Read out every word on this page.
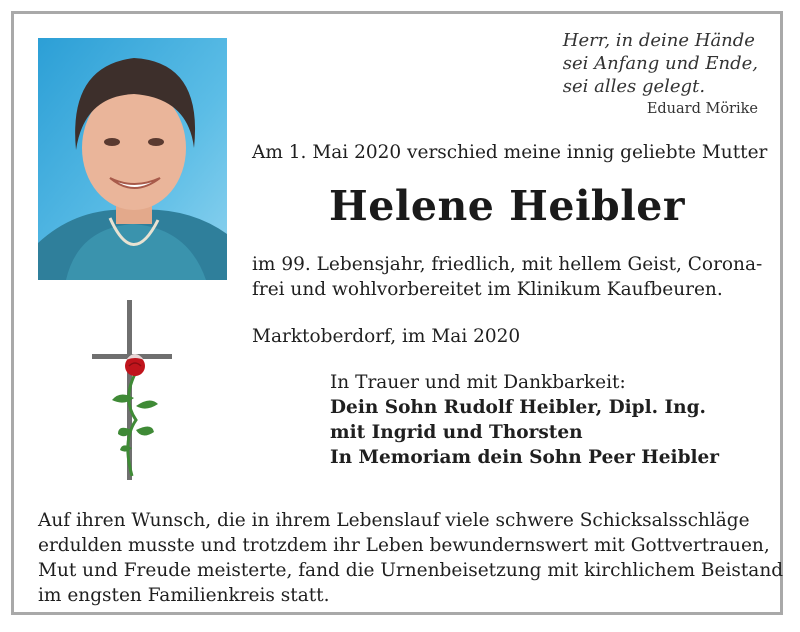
Herr, in deine Hände
sei Anfang und Ende,
sei alles gelegt.
Eduard Mörike
Am 1. Mai 2020 verschied meine innig geliebte Mutter
Helene Heibler
im 99. Lebensjahr, friedlich, mit hellem Geist, Corona-
frei und wohlvorbereitet im Klinikum Kaufbeuren.
Marktoberdorf, im Mai 2020
In Trauer und mit Dankbarkeit:
Dein Sohn Rudolf Heibler, Dipl. Ing.
mit Ingrid und Thorsten
In Memoriam dein Sohn Peer Heibler
Auf ihren Wunsch, die in ihrem Lebenslauf viele schwere Schicksalsschläge
erdulden musste und trotzdem ihr Leben bewundernswert mit Gottvertrauen,
Mut und Freude meisterte, fand die Urnenbeisetzung mit kirchlichem Beistand
im engsten Familienkreis statt.
